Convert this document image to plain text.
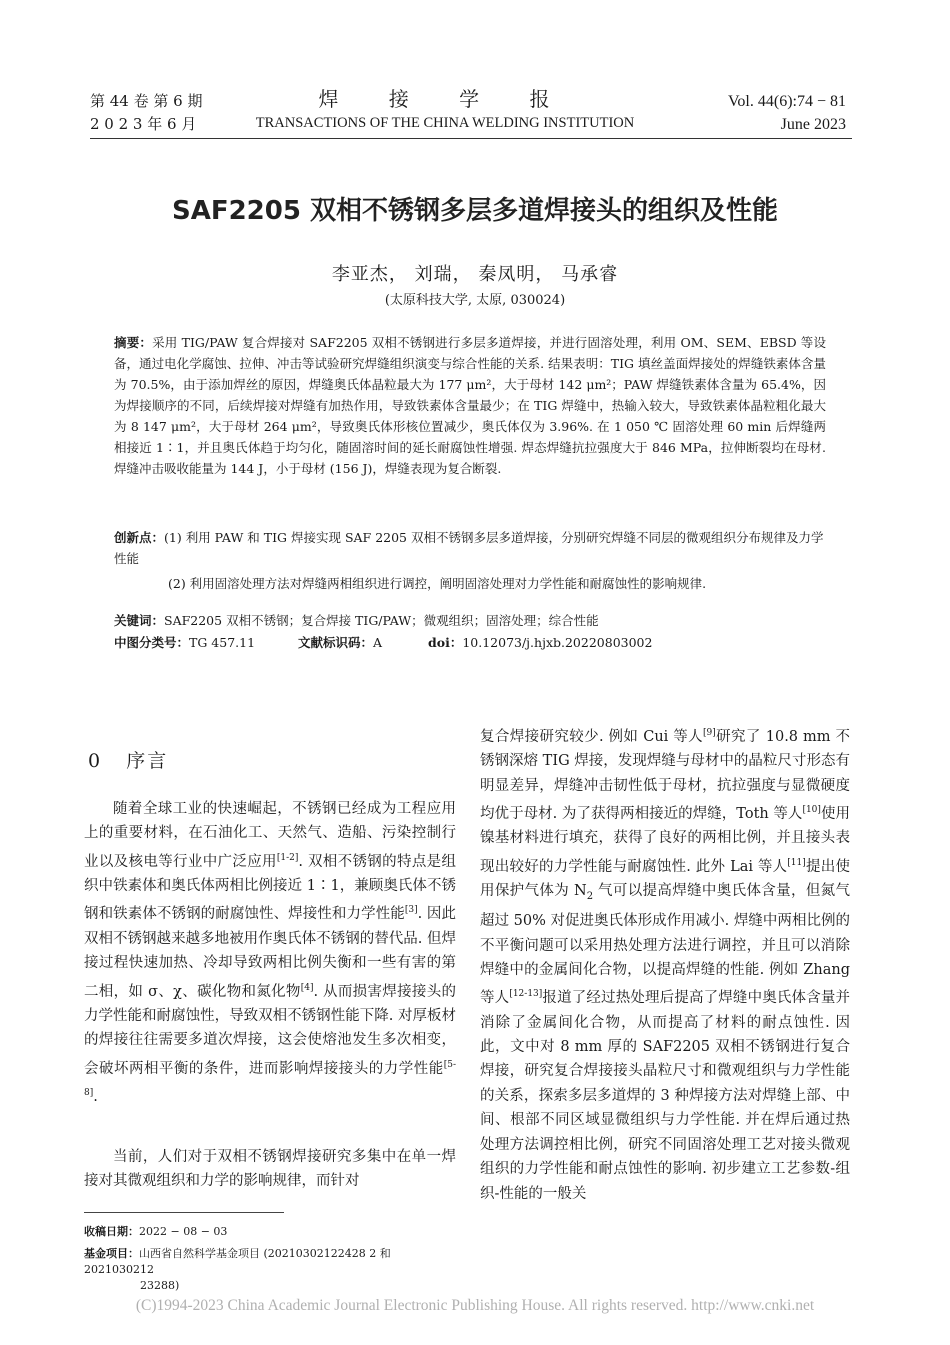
第 44 卷 第 6 期
2 0 2 3 年 6 月
焊 接 学 报
TRANSACTIONS OF THE CHINA WELDING INSTITUTION
Vol. 44(6):74 − 81
June 2023
SAF2205 双相不锈钢多层多道焊接头的组织及性能
李亚杰， 刘瑞， 秦凤明， 马承睿
(太原科技大学, 太原, 030024)
摘要：采用 TIG/PAW 复合焊接对 SAF2205 双相不锈钢进行多层多道焊接，并进行固溶处理，利用 OM、SEM、EBSD 等设备，通过电化学腐蚀、拉伸、冲击等试验研究焊缝组织演变与综合性能的关系. 结果表明：TIG 填丝盖面焊接处的焊缝铁素体含量为 70.5%，由于添加焊丝的原因，焊缝奥氏体晶粒最大为 177 μm²，大于母材 142 μm²；PAW 焊缝铁素体含量为 65.4%，因为焊接顺序的不同，后续焊接对焊缝有加热作用，导致铁素体含量最少；在 TIG 焊缝中，热输入较大，导致铁素体晶粒粗化最大为 8 147 μm²，大于母材 264 μm²，导致奥氏体形核位置减少，奥氏体仅为 3.96%. 在 1 050 ℃ 固溶处理 60 min 后焊缝两相接近 1∶1，并且奥氏体趋于均匀化，随固溶时间的延长耐腐蚀性增强. 焊态焊缝抗拉强度大于 846 MPa，拉伸断裂均在母材. 焊缝冲击吸收能量为 144 J，小于母材 (156 J)，焊缝表现为复合断裂.
创新点：(1) 利用 PAW 和 TIG 焊接实现 SAF 2205 双相不锈钢多层多道焊接，分别研究焊缝不同层的微观组织分布规律及力学性能
(2) 利用固溶处理方法对焊缝两相组织进行调控，阐明固溶处理对力学性能和耐腐蚀性的影响规律.
关键词：SAF2205 双相不锈钢；复合焊接 TIG/PAW；微观组织；固溶处理；综合性能
中图分类号：TG 457.11	文献标识码：A	doi：10.12073/j.hjxb.20220803002
0 序言
随着全球工业的快速崛起，不锈钢已经成为工程应用上的重要材料，在石油化工、天然气、造船、污染控制行业以及核电等行业中广泛应用[1-2]. 双相不锈钢的特点是组织中铁素体和奥氏体两相比例接近 1∶1，兼顾奥氏体不锈钢和铁素体不锈钢的耐腐蚀性、焊接性和力学性能[3]. 因此双相不锈钢越来越多地被用作奥氏体不锈钢的替代品. 但焊接过程快速加热、冷却导致两相比例失衡和一些有害的第二相，如 σ、χ、碳化物和氮化物[4]. 从而损害焊接接头的力学性能和耐腐蚀性，导致双相不锈钢性能下降. 对厚板材的焊接往往需要多道次焊接，这会使熔池发生多次相变，会破坏两相平衡的条件，进而影响焊接接头的力学性能[5-8].
当前，人们对于双相不锈钢焊接研究多集中在单一焊接对其微观组织和力学的影响规律，而针对
复合焊接研究较少. 例如 Cui 等人[9]研究了 10.8 mm 不锈钢深熔 TIG 焊接，发现焊缝与母材中的晶粒尺寸形态有明显差异，焊缝冲击韧性低于母材，抗拉强度与显微硬度均优于母材. 为了获得两相接近的焊缝，Toth 等人[10]使用镍基材料进行填充，获得了良好的两相比例，并且接头表现出较好的力学性能与耐腐蚀性. 此外 Lai 等人[11]提出使用保护气体为 $N_2$ 气可以提高焊缝中奥氏体含量，但氮气超过 50% 对促进奥氏体形成作用减小. 焊缝中两相比例的不平衡问题可以采用热处理方法进行调控，并且可以消除焊缝中的金属间化合物，以提高焊缝的性能. 例如 Zhang 等人[12-13]报道了经过热处理后提高了焊缝中奥氏体含量并消除了金属间化合物，从而提高了材料的耐点蚀性. 因此，文中对 8 mm 厚的 SAF2205 双相不锈钢进行复合焊接，研究复合焊接接头晶粒尺寸和微观组织与力学性能的关系，探索多层多道焊的 3 种焊接方法对焊缝上部、中间、根部不同区域显微组织与力学性能. 并在焊后通过热处理方法调控相比例，研究不同固溶处理工艺对接头微观组织的力学性能和耐点蚀性的影响. 初步建立工艺参数-组织-性能的一般关
收稿日期：2022 − 08 − 03
基金项目：山西省自然科学基金项目 (20210302122428 2 和 2021030212
23288)
(C)1994-2023 China Academic Journal Electronic Publishing House. All rights reserved. http://www.cnki.net
